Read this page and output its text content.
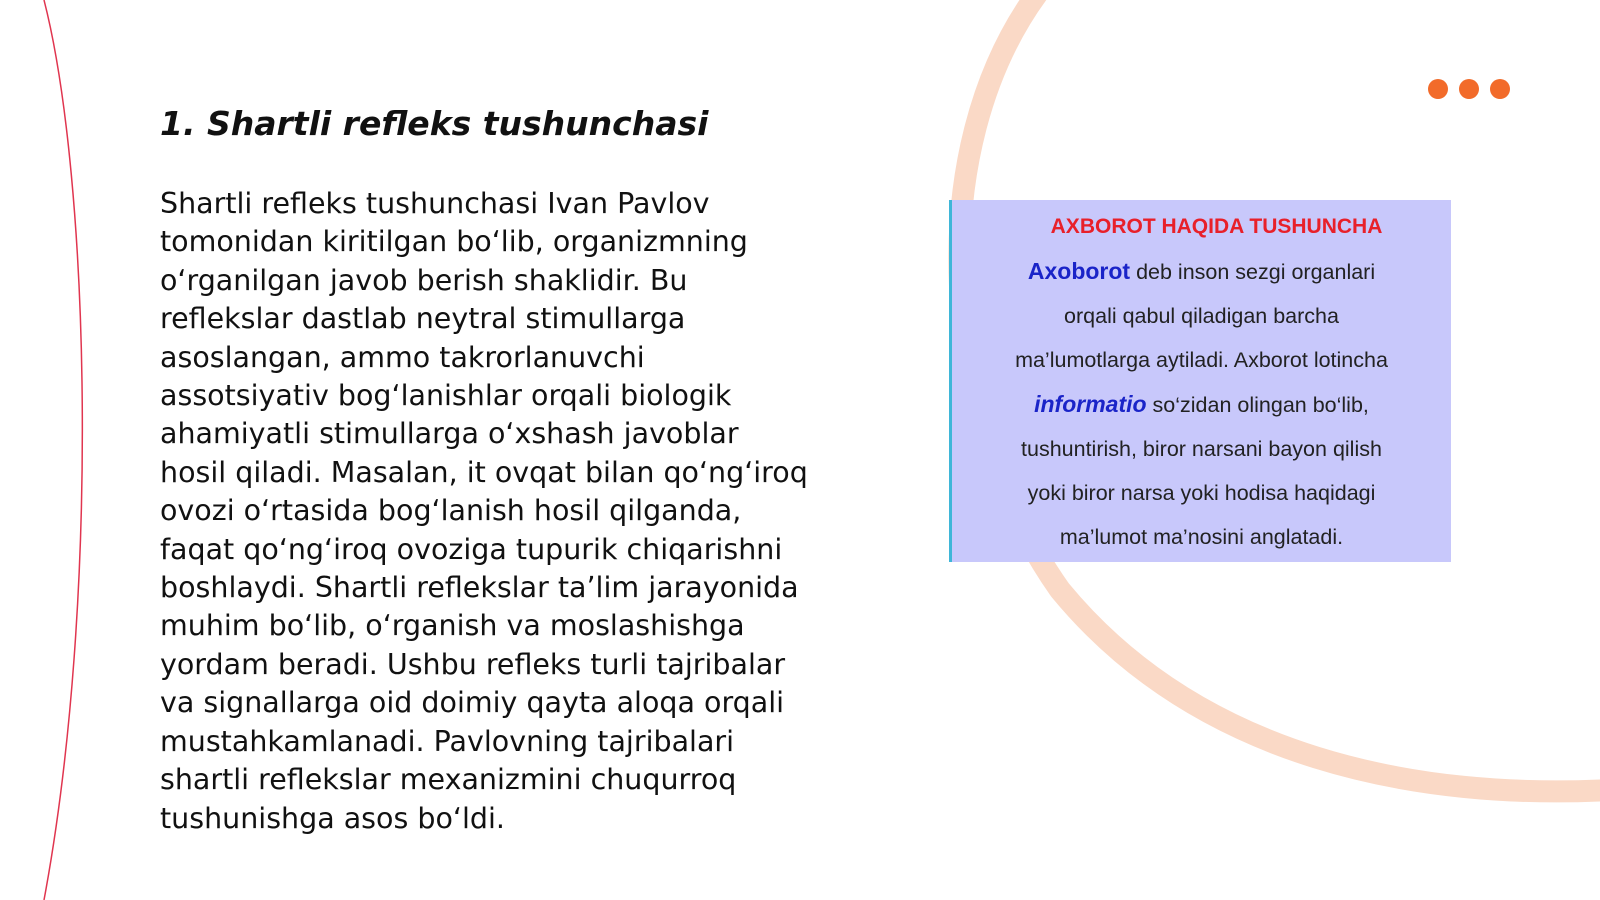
1. Shartli refleks tushunchasi
Shartli refleks tushunchasi Ivan Pavlov
tomonidan kiritilgan boʻlib, organizmning
oʻrganilgan javob berish shaklidir. Bu
reflekslar dastlab neytral stimullarga
asoslangan, ammo takrorlanuvchi
assotsiyativ bogʻlanishlar orqali biologik
ahamiyatli stimullarga oʻxshash javoblar
hosil qiladi. Masalan, it ovqat bilan qoʻngʻiroq
ovozi oʻrtasida bogʻlanish hosil qilganda,
faqat qoʻngʻiroq ovoziga tupurik chiqarishni
boshlaydi. Shartli reflekslar taʼlim jarayonida
muhim boʻlib, oʻrganish va moslashishga
yordam beradi. Ushbu refleks turli tajribalar
va signallarga oid doimiy qayta aloqa orqali
mustahkamlanadi. Pavlovning tajribalari
shartli reflekslar mexanizmini chuqurroq
tushunishga asos boʻldi.
AXBOROT HAQIDA TUSHUNCHA
Axoborot deb inson sezgi organlari
orqali qabul qiladigan barcha
ma’lumotlarga aytiladi. Axborot lotincha
informatio so‘zidan olingan bo‘lib,
tushuntirish, biror narsani bayon qilish
yoki biror narsa yoki hodisa haqidagi
ma’lumot ma’nosini anglatadi.
